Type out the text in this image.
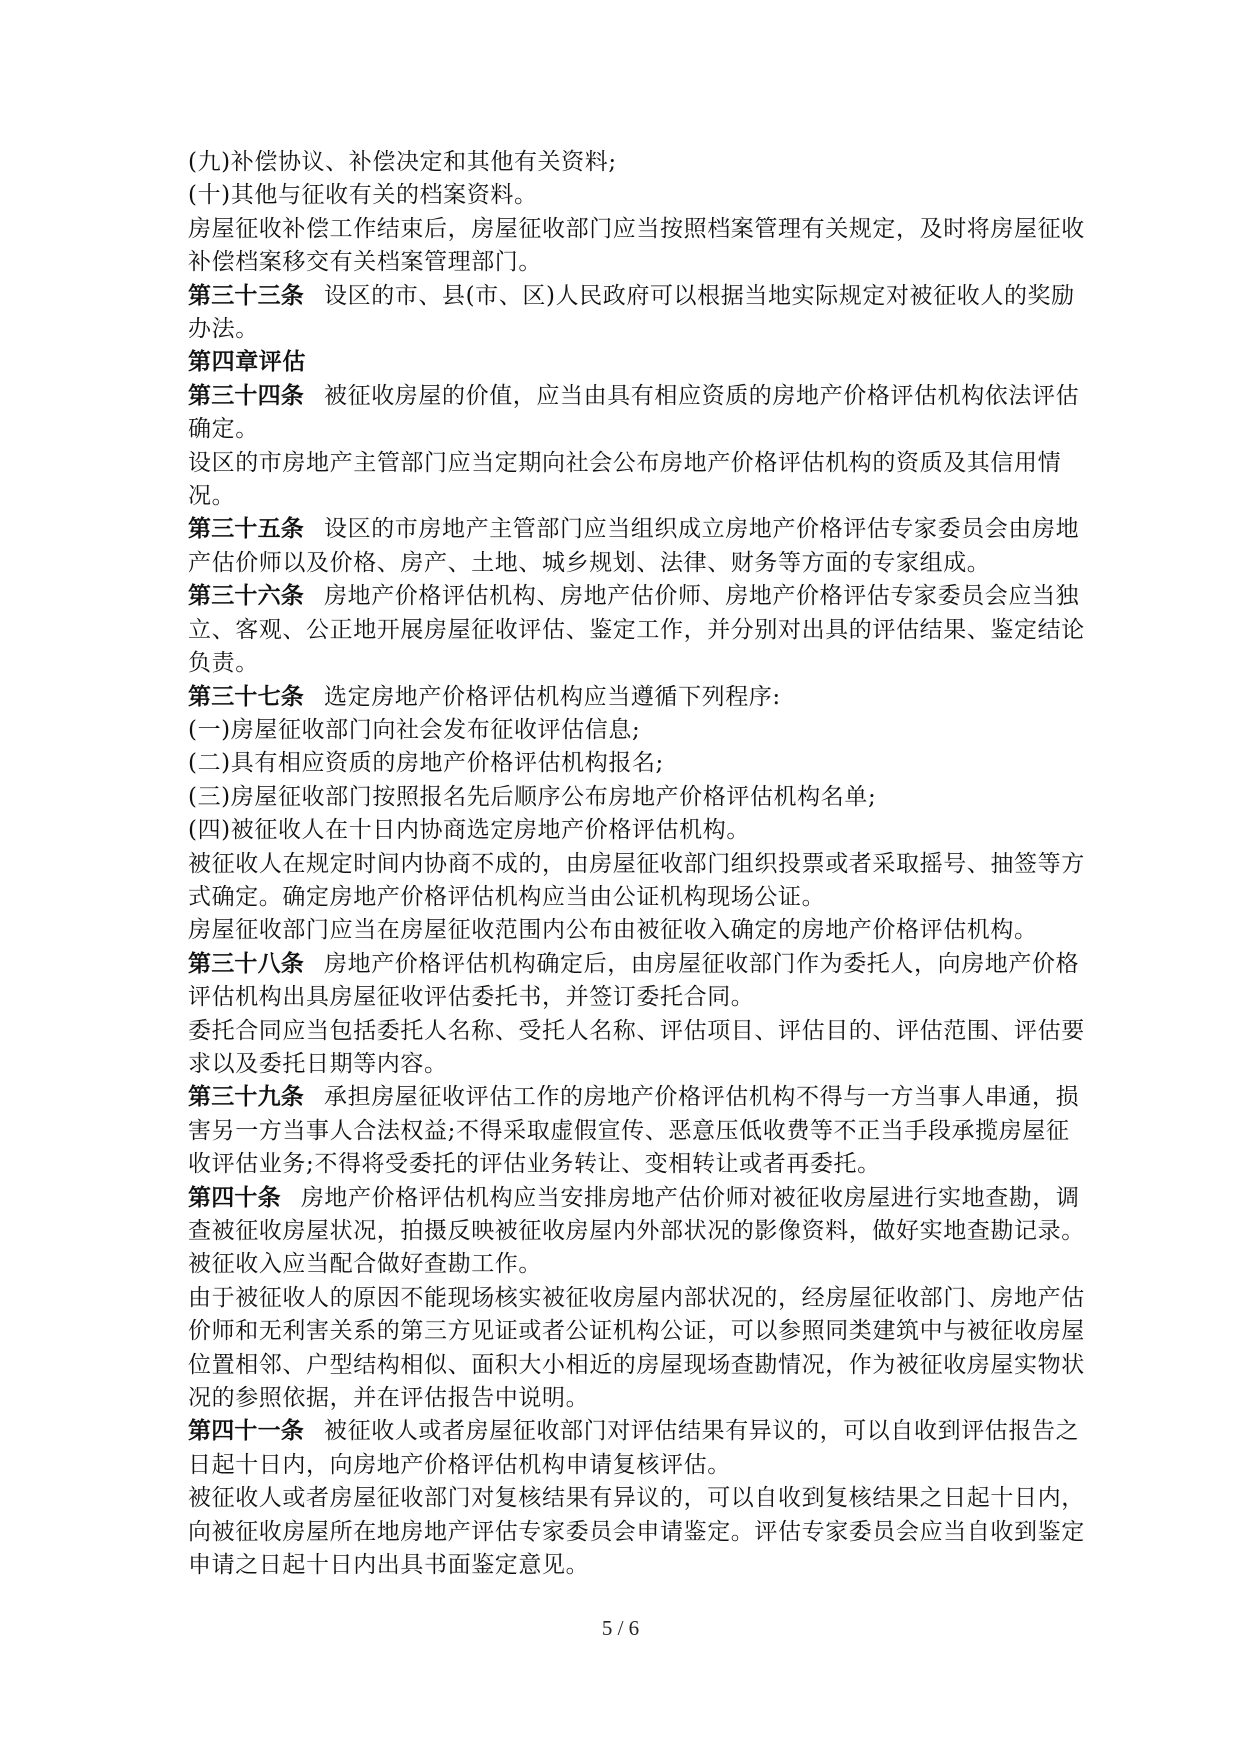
(九)补偿协议、补偿决定和其他有关资料;
(十)其他与征收有关的档案资料。
房屋征收补偿工作结束后，房屋征收部门应当按照档案管理有关规定，及时将房屋征收补偿档案移交有关档案管理部门。
第三十三条 设区的市、县(市、区)人民政府可以根据当地实际规定对被征收人的奖励办法。
第四章评估
第三十四条 被征收房屋的价值，应当由具有相应资质的房地产价格评估机构依法评估确定。
设区的市房地产主管部门应当定期向社会公布房地产价格评估机构的资质及其信用情况。
第三十五条 设区的市房地产主管部门应当组织成立房地产价格评估专家委员会由房地产估价师以及价格、房产、土地、城乡规划、法律、财务等方面的专家组成。
第三十六条 房地产价格评估机构、房地产估价师、房地产价格评估专家委员会应当独立、客观、公正地开展房屋征收评估、鉴定工作，并分别对出具的评估结果、鉴定结论负责。
第三十七条 选定房地产价格评估机构应当遵循下列程序:
(一)房屋征收部门向社会发布征收评估信息;
(二)具有相应资质的房地产价格评估机构报名;
(三)房屋征收部门按照报名先后顺序公布房地产价格评估机构名单;
(四)被征收人在十日内协商选定房地产价格评估机构。
被征收人在规定时间内协商不成的，由房屋征收部门组织投票或者采取摇号、抽签等方式确定。确定房地产价格评估机构应当由公证机构现场公证。
房屋征收部门应当在房屋征收范围内公布由被征收入确定的房地产价格评估机构。
第三十八条 房地产价格评估机构确定后，由房屋征收部门作为委托人，向房地产价格评估机构出具房屋征收评估委托书，并签订委托合同。
委托合同应当包括委托人名称、受托人名称、评估项目、评估目的、评估范围、评估要求以及委托日期等内容。
第三十九条 承担房屋征收评估工作的房地产价格评估机构不得与一方当事人串通，损害另一方当事人合法权益;不得采取虚假宣传、恶意压低收费等不正当手段承揽房屋征收评估业务;不得将受委托的评估业务转让、变相转让或者再委托。
第四十条 房地产价格评估机构应当安排房地产估价师对被征收房屋进行实地查勘，调查被征收房屋状况，拍摄反映被征收房屋内外部状况的影像资料，做好实地查勘记录。被征收入应当配合做好查勘工作。
由于被征收人的原因不能现场核实被征收房屋内部状况的，经房屋征收部门、房地产估价师和无利害关系的第三方见证或者公证机构公证，可以参照同类建筑中与被征收房屋位置相邻、户型结构相似、面积大小相近的房屋现场查勘情况，作为被征收房屋实物状况的参照依据，并在评估报告中说明。
第四十一条 被征收人或者房屋征收部门对评估结果有异议的，可以自收到评估报告之日起十日内，向房地产价格评估机构申请复核评估。
被征收人或者房屋征收部门对复核结果有异议的，可以自收到复核结果之日起十日内，向被征收房屋所在地房地产评估专家委员会申请鉴定。评估专家委员会应当自收到鉴定申请之日起十日内出具书面鉴定意见。
5 / 6
